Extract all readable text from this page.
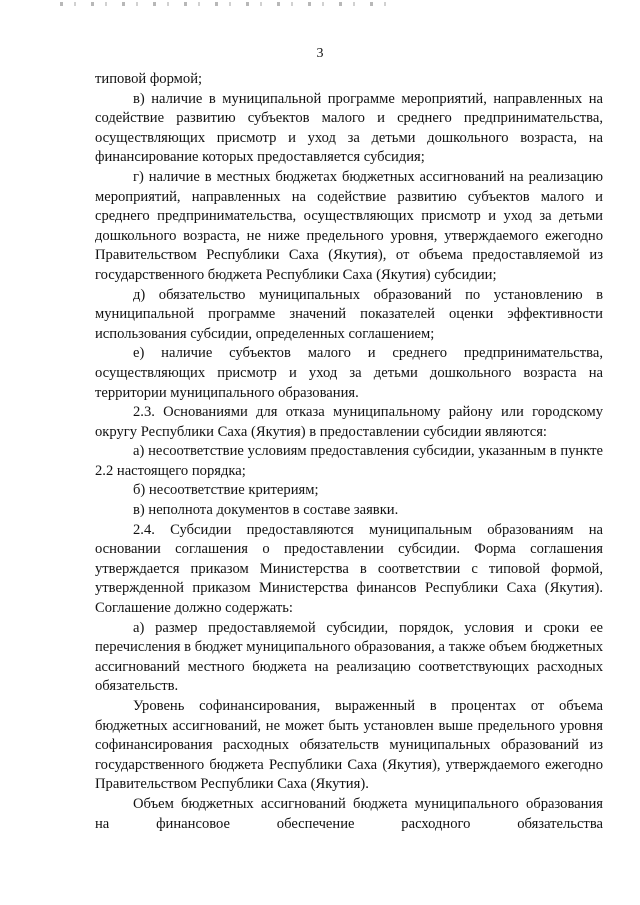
3

типовой формой;

в) наличие в муниципальной программе мероприятий, направленных на содействие развитию субъектов малого и среднего предпринимательства, осуществляющих присмотр и уход за детьми дошкольного возраста, на финансирование которых предоставляется субсидия;

г) наличие в местных бюджетах бюджетных ассигнований на реализацию мероприятий, направленных на содействие развитию субъектов малого и среднего предпринимательства, осуществляющих присмотр и уход за детьми дошкольного возраста, не ниже предельного уровня, утверждаемого ежегодно Правительством Республики Саха (Якутия), от объема предоставляемой из государственного бюджета Республики Саха (Якутия) субсидии;

д) обязательство муниципальных образований по установлению в муниципальной программе значений показателей оценки эффективности использования субсидии, определенных соглашением;

е) наличие субъектов малого и среднего предпринимательства, осуществляющих присмотр и уход за детьми дошкольного возраста на территории муниципального образования.

2.3. Основаниями для отказа муниципальному району или городскому округу Республики Саха (Якутия) в предоставлении субсидии являются:

а) несоответствие условиям предоставления субсидии, указанным в пункте 2.2 настоящего порядка;

б) несоответствие критериям;

в) неполнота документов в составе заявки.

2.4. Субсидии предоставляются муниципальным образованиям на основании соглашения о предоставлении субсидии. Форма соглашения утверждается приказом Министерства в соответствии с типовой формой, утвержденной приказом Министерства финансов Республики Саха (Якутия). Соглашение должно содержать:

а) размер предоставляемой субсидии, порядок, условия и сроки ее перечисления в бюджет муниципального образования, а также объем бюджетных ассигнований местного бюджета на реализацию соответствующих расходных обязательств.

Уровень софинансирования, выраженный в процентах от объема бюджетных ассигнований, не может быть установлен выше предельного уровня софинансирования расходных обязательств муниципальных образований из государственного бюджета Республики Саха (Якутия), утверждаемого ежегодно Правительством Республики Саха (Якутия).

Объем бюджетных ассигнований бюджета муниципального образования на финансовое обеспечение расходного обязательства
